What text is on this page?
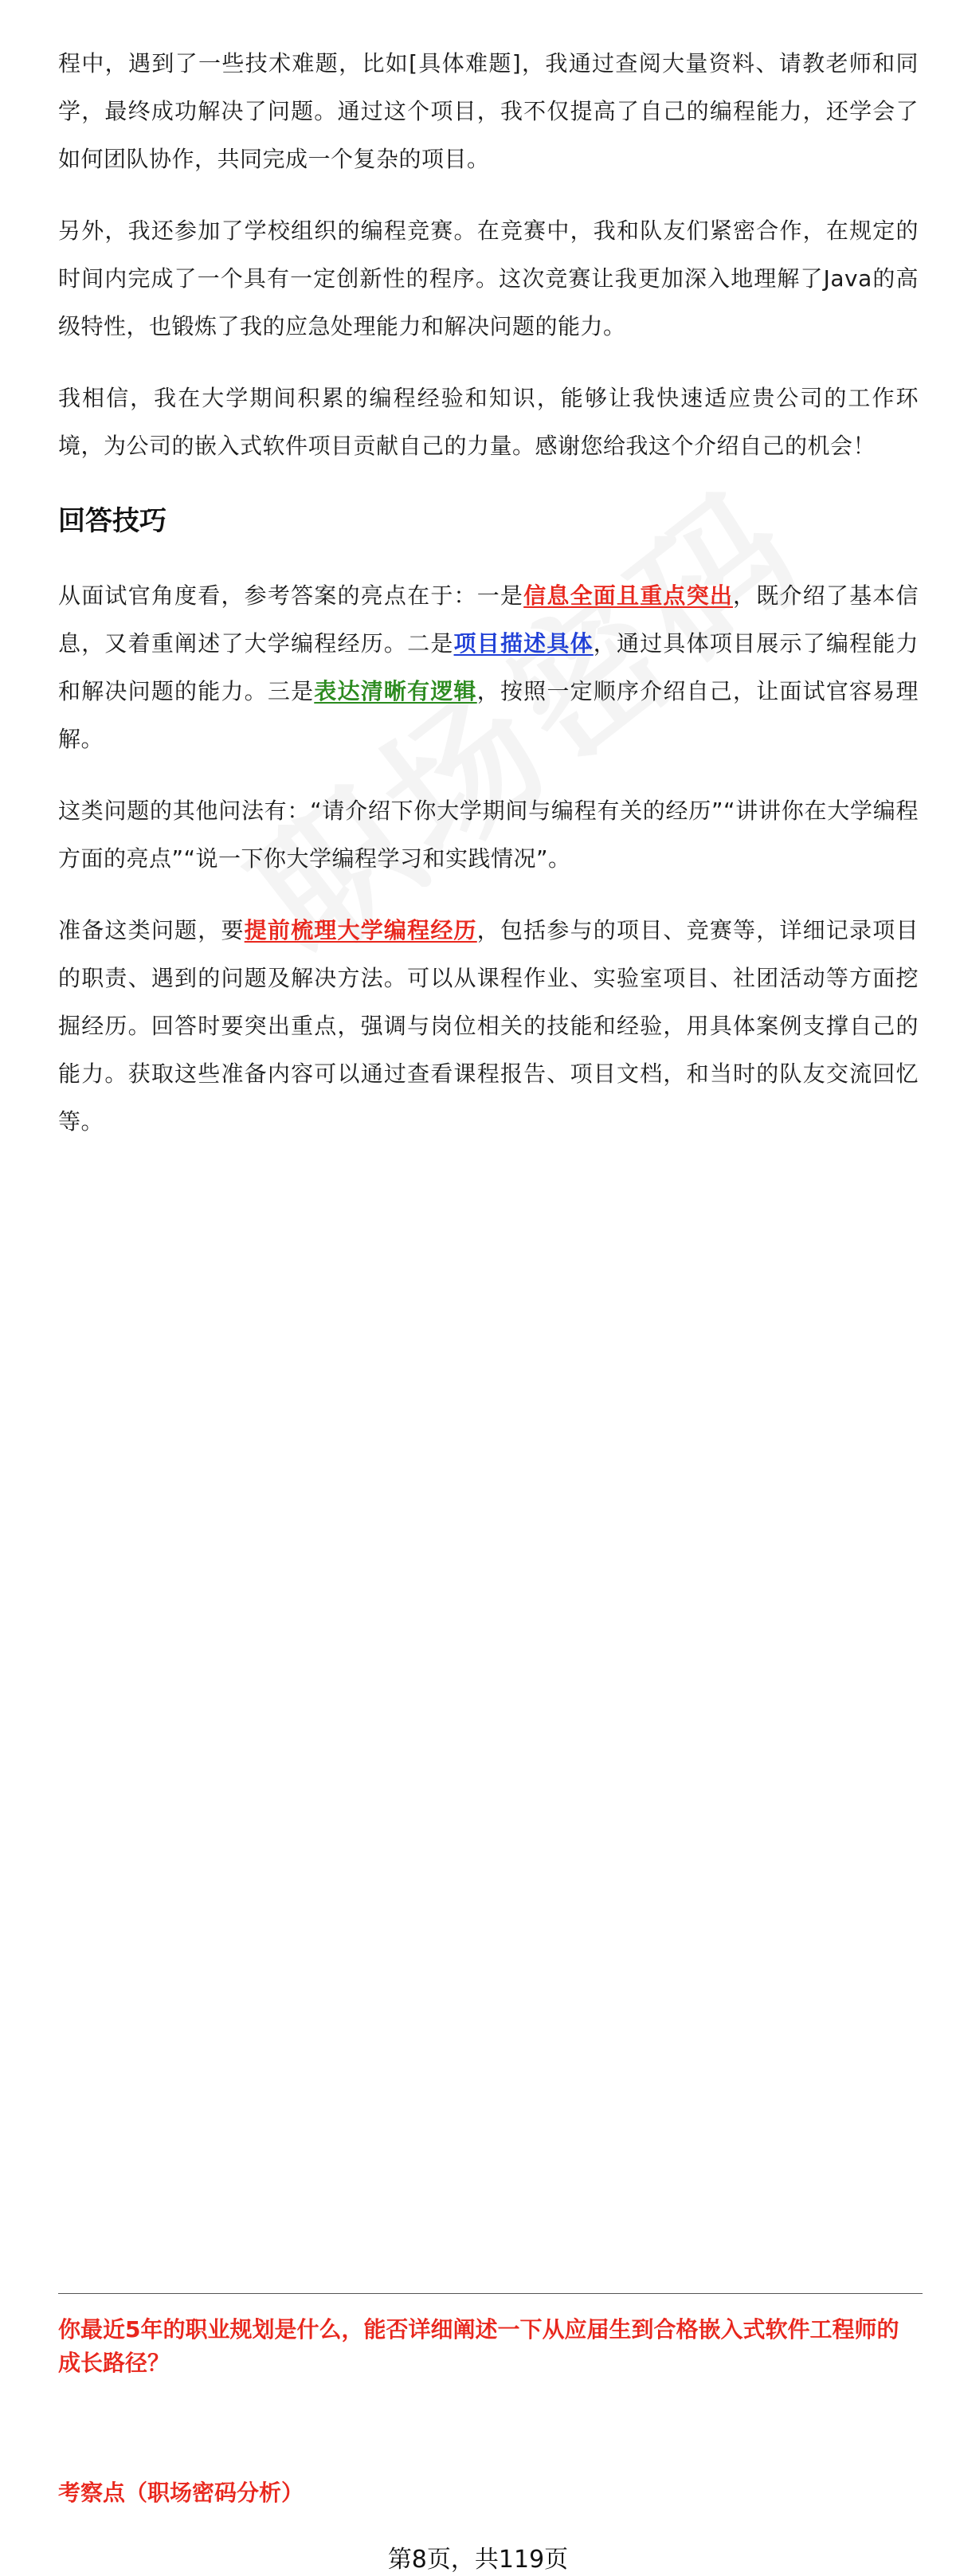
程中，遇到了一些技术难题，比如[具体难题]，我通过查阅大量资料、请教老师和同学，最终成功解决了问题。通过这个项目，我不仅提高了自己的编程能力，还学会了如何团队协作，共同完成一个复杂的项目。

另外，我还参加了学校组织的编程竞赛。在竞赛中，我和队友们紧密合作，在规定的时间内完成了一个具有一定创新性的程序。这次竞赛让我更加深入地理解了Java的高级特性，也锻炼了我的应急处理能力和解决问题的能力。

我相信，我在大学期间积累的编程经验和知识，能够让我快速适应贵公司的工作环境，为公司的嵌入式软件项目贡献自己的力量。感谢您给我这个介绍自己的机会！

回答技巧

从面试官角度看，参考答案的亮点在于：一是信息全面且重点突出，既介绍了基本信息，又着重阐述了大学编程经历。二是项目描述具体，通过具体项目展示了编程能力和解决问题的能力。三是表达清晰有逻辑，按照一定顺序介绍自己，让面试官容易理解。

这类问题的其他问法有：“请介绍下你大学期间与编程有关的经历”“讲讲你在大学编程方面的亮点”“说一下你大学编程学习和实践情况”。

准备这类问题，要提前梳理大学编程经历，包括参与的项目、竞赛等，详细记录项目的职责、遇到的问题及解决方法。可以从课程作业、实验室项目、社团活动等方面挖掘经历。回答时要突出重点，强调与岗位相关的技能和经验，用具体案例支撑自己的能力。获取这些准备内容可以通过查看课程报告、项目文档，和当时的队友交流回忆等。

你最近5年的职业规划是什么，能否详细阐述一下从应届生到合格嵌入式软件工程师的成长路径？

考察点（职场密码分析）

第8页，共119页
